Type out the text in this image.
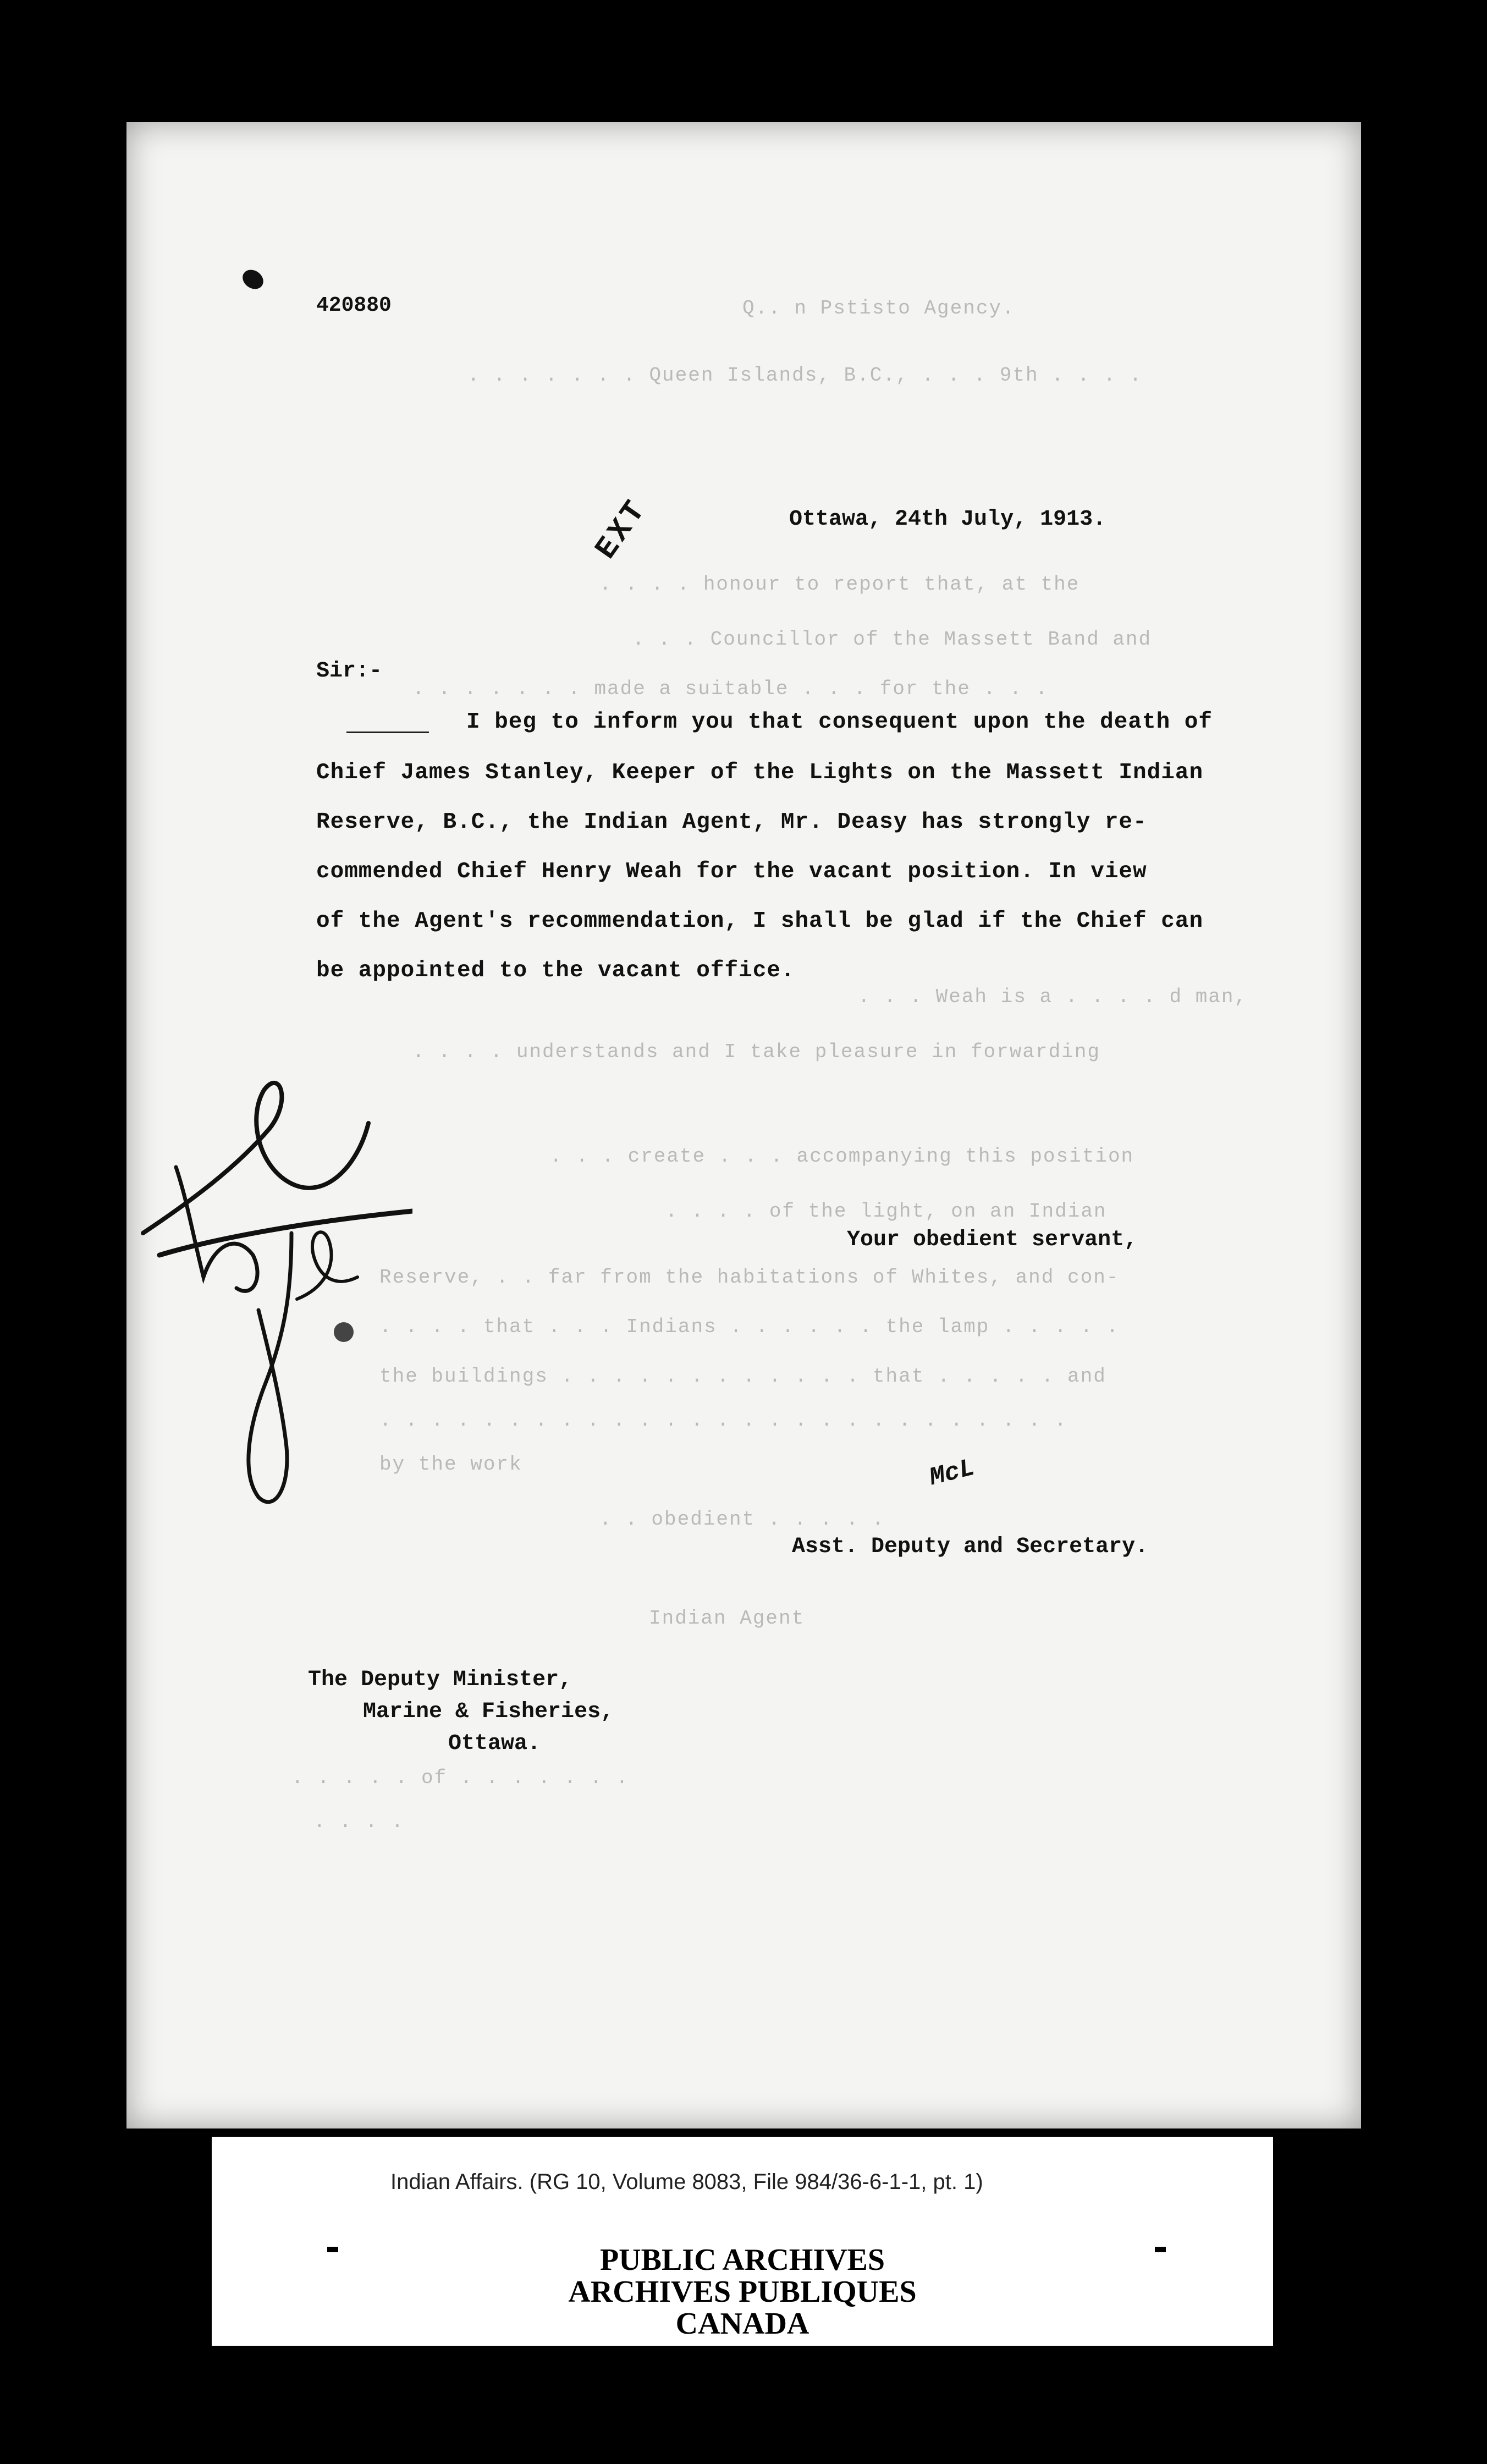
Q.. n Pstisto Agency.
. . . . . . . Queen Islands, B.C., . . . 9th . . . .
. . . . honour to report that, at the
. . . Councillor of the Massett Band and
. . . . . . . made a suitable . . . for the . . .
. . . Weah is a . . . . d man,
. . . . understands and I take pleasure in forwarding
. . . create . . . accompanying this position
. . . . of the light, on an Indian
Reserve, . . far from the habitations of Whites, and con-
. . . . that . . . Indians . . . . . . the lamp . . . . .
the buildings . . . . . . . . . . . . that . . . . . and
. . . . . . . . . . . . . . . . . . . . . . . . . . .
by the work
. . obedient . . . . .
Indian Agent
. . . . . of . . . . . . .
. . . .
420880
Ottawa, 24th July, 1913.
EXT
Sir:-

I beg to inform you that consequent upon the death of

Chief James Stanley, Keeper of the Lights on the Massett Indian

Reserve, B.C., the Indian Agent, Mr. Deasy has strongly re-

commended Chief Henry Weah for the vacant position. In view

of the Agent's recommendation, I shall be glad if the Chief can

be appointed to the vacant office.

Your obedient servant,
McL
Asst. Deputy and Secretary.
The Deputy Minister,
Marine & Fisheries,
Ottawa.
Indian Affairs. (RG 10, Volume 8083, File 984/36-6-1-1, pt. 1)
PUBLIC ARCHIVES
ARCHIVES PUBLIQUES
CANADA
